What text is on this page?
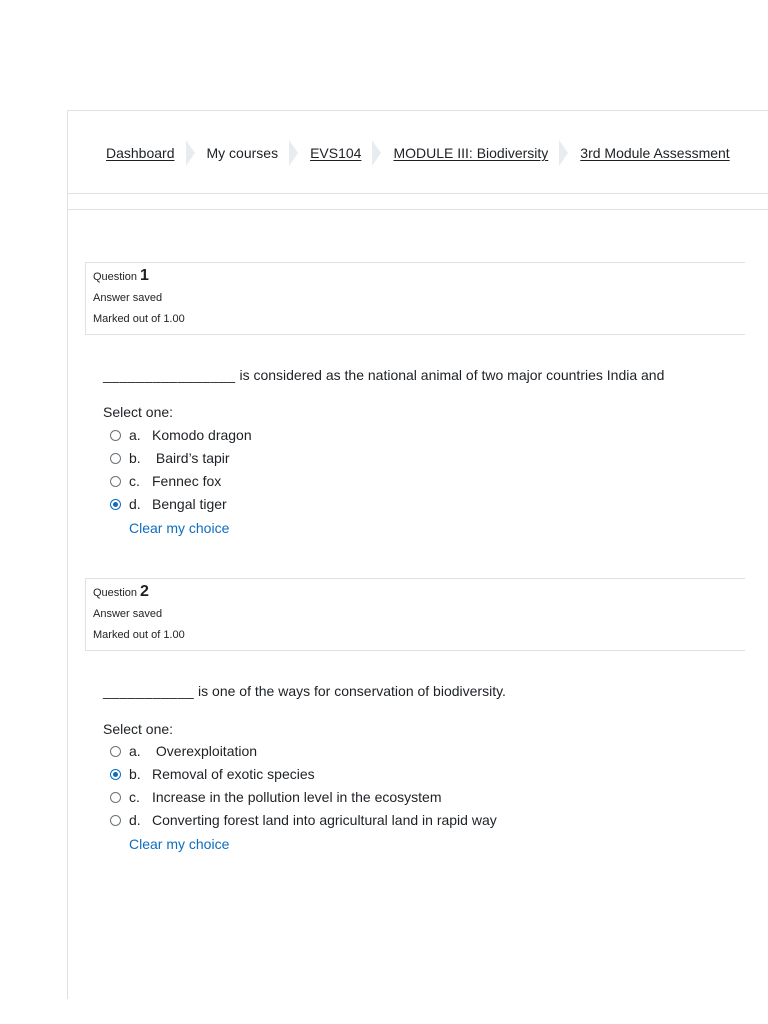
Dashboard My courses EVS104 MODULE III: Biodiversity 3rd Module Assessment
Question 1
Answer saved
Marked out of 1.00
________________ is considered as the national animal of two major countries India and
Select one:
a. Komodo dragon
b. Baird’s tapir
c. Fennec fox
d. Bengal tiger
Clear my choice
Question 2
Answer saved
Marked out of 1.00
___________ is one of the ways for conservation of biodiversity.
Select one:
a. Overexploitation
b. Removal of exotic species
c. Increase in the pollution level in the ecosystem
d. Converting forest land into agricultural land in rapid way
Clear my choice
